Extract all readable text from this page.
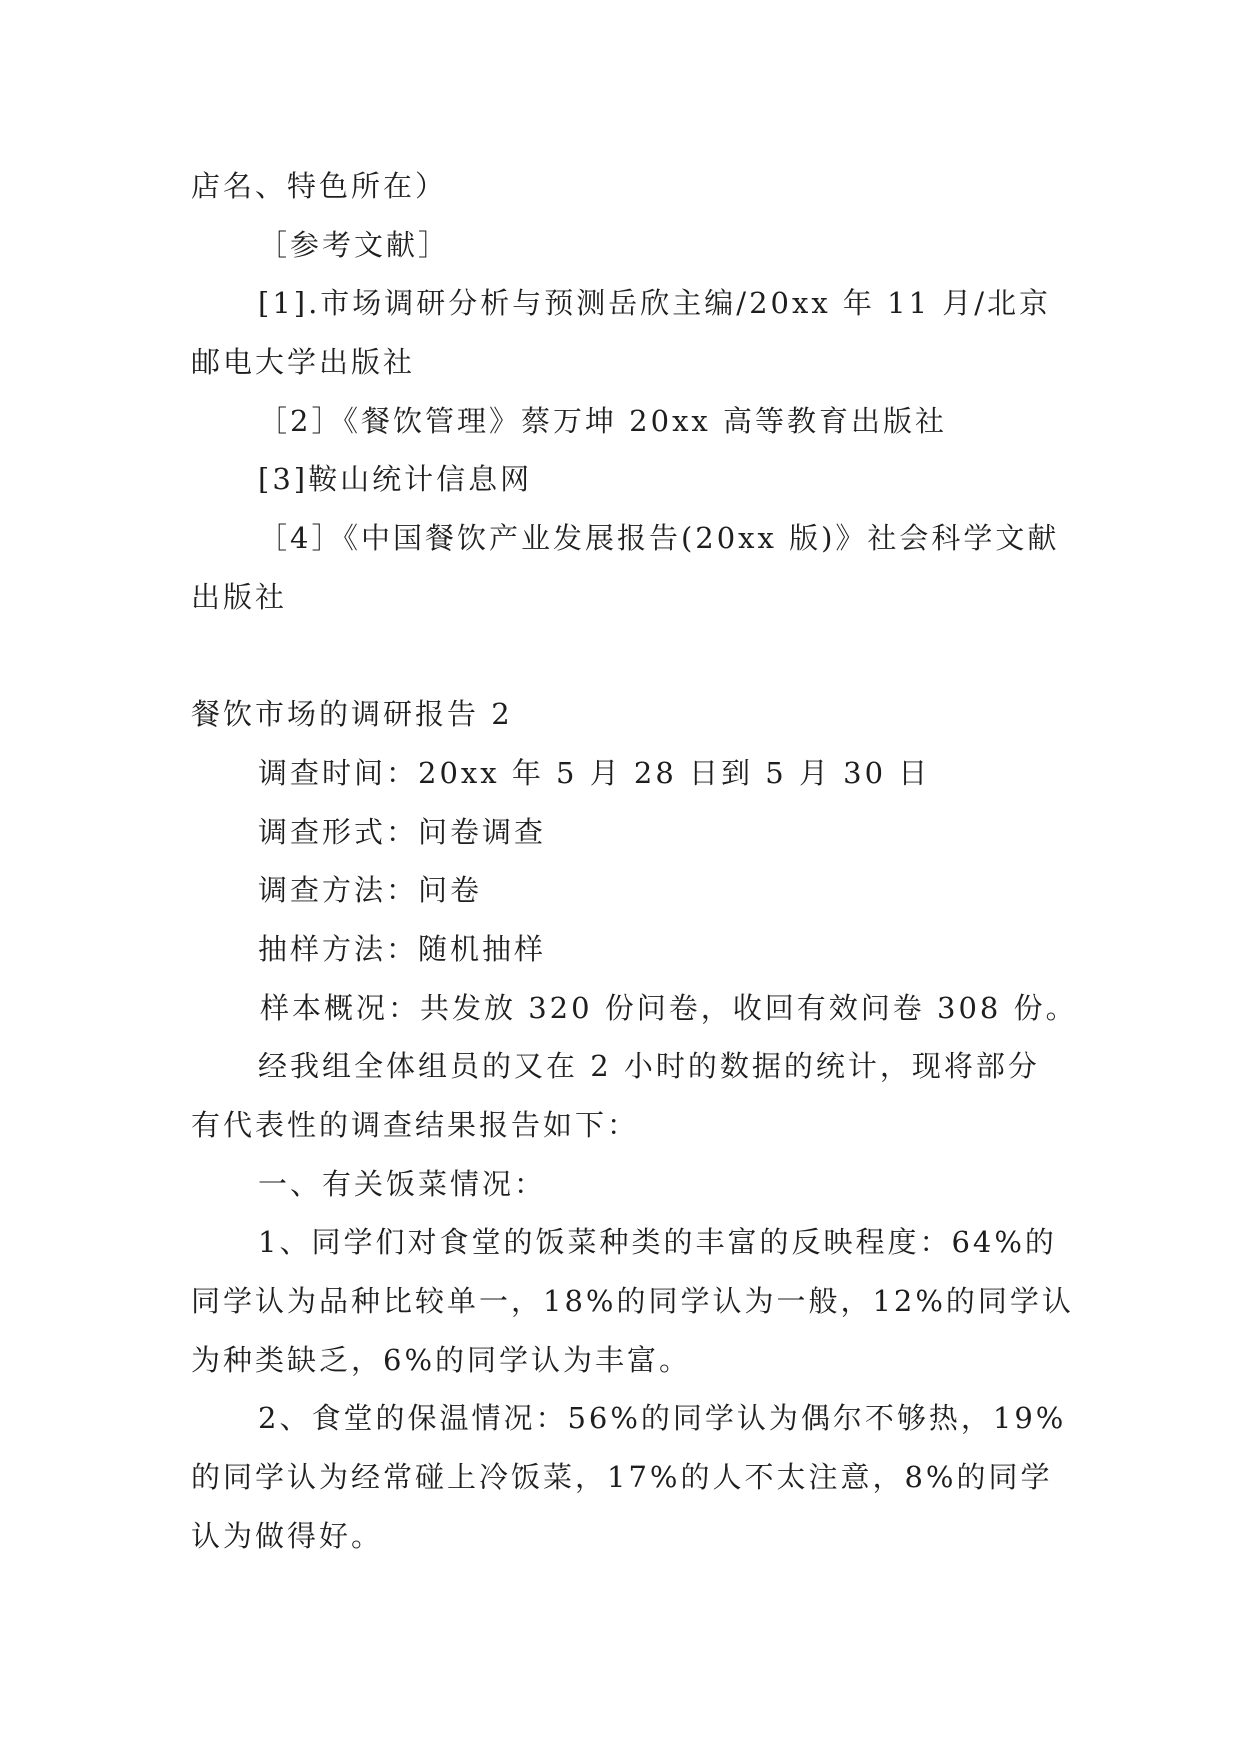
店名、特色所在）
［参考文献］
[1].市场调研分析与预测岳欣主编/20xx 年 11 月/北京
邮电大学出版社
［2］《餐饮管理》蔡万坤 20xx 高等教育出版社
[3]鞍山统计信息网
［4］《中国餐饮产业发展报告(20xx 版)》社会科学文献
出版社
餐饮市场的调研报告 2
调查时间：20xx 年 5 月 28 日到 5 月 30 日
调查形式：问卷调查
调查方法：问卷
抽样方法：随机抽样
样本概况：共发放 320 份问卷，收回有效问卷 308 份。
经我组全体组员的又在 2 小时的数据的统计，现将部分
有代表性的调查结果报告如下：
一、有关饭菜情况：
1、同学们对食堂的饭菜种类的丰富的反映程度：64%的
同学认为品种比较单一，18%的同学认为一般，12%的同学认
为种类缺乏，6%的同学认为丰富。
2、食堂的保温情况：56%的同学认为偶尔不够热，19%
的同学认为经常碰上冷饭菜，17%的人不太注意，8%的同学
认为做得好。
